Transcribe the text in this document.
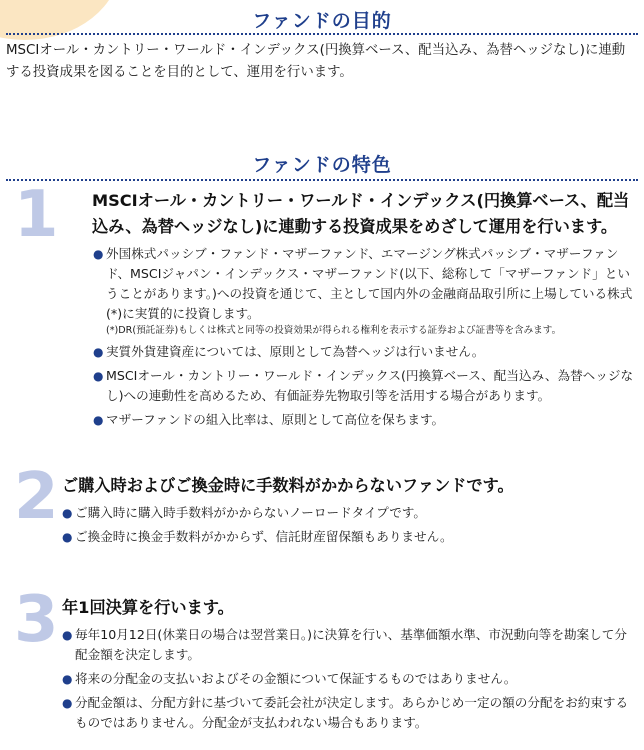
ファンドの目的
MSCIオール・カントリー・ワールド・インデックス(円換算ベース、配当込み、為替ヘッジなし)に連動する投資成果を図ることを目的として、運用を行います。
ファンドの特色
1 MSCIオール・カントリー・ワールド・インデックス(円換算ベース、配当込み、為替ヘッジなし)に連動する投資成果をめざして運用を行います。
● 外国株式パッシブ・ファンド・マザーファンド、エマージング株式パッシブ・マザーファンド、MSCIジャパン・インデックス・マザーファンド(以下、総称して「マザーファンド」ということがあります。)への投資を通じて、主として国内外の金融商品取引所に上場している株式(*)に実質的に投資します。
(*)DR(預託証券)もしくは株式と同等の投資効果が得られる権利を表示する証券および証書等を含みます。
● 実質外貨建資産については、原則として為替ヘッジは行いません。
● MSCIオール・カントリー・ワールド・インデックス(円換算ベース、配当込み、為替ヘッジなし)への連動性を高めるため、有価証券先物取引等を活用する場合があります。
● マザーファンドの組入比率は、原則として高位を保ちます。
2 ご購入時およびご換金時に手数料がかからないファンドです。
● ご購入時に購入時手数料がかからないノーロードタイプです。
● ご換金時に換金手数料がかからず、信託財産留保額もありません。
3 年1回決算を行います。
● 毎年10月12日(休業日の場合は翌営業日。)に決算を行い、基準価額水準、市況動向等を勘案して分配金額を決定します。
● 将来の分配金の支払いおよびその金額について保証するものではありません。
● 分配金額は、分配方針に基づいて委託会社が決定します。あらかじめ一定の額の分配をお約束するものではありません。分配金が支払われない場合もあります。
